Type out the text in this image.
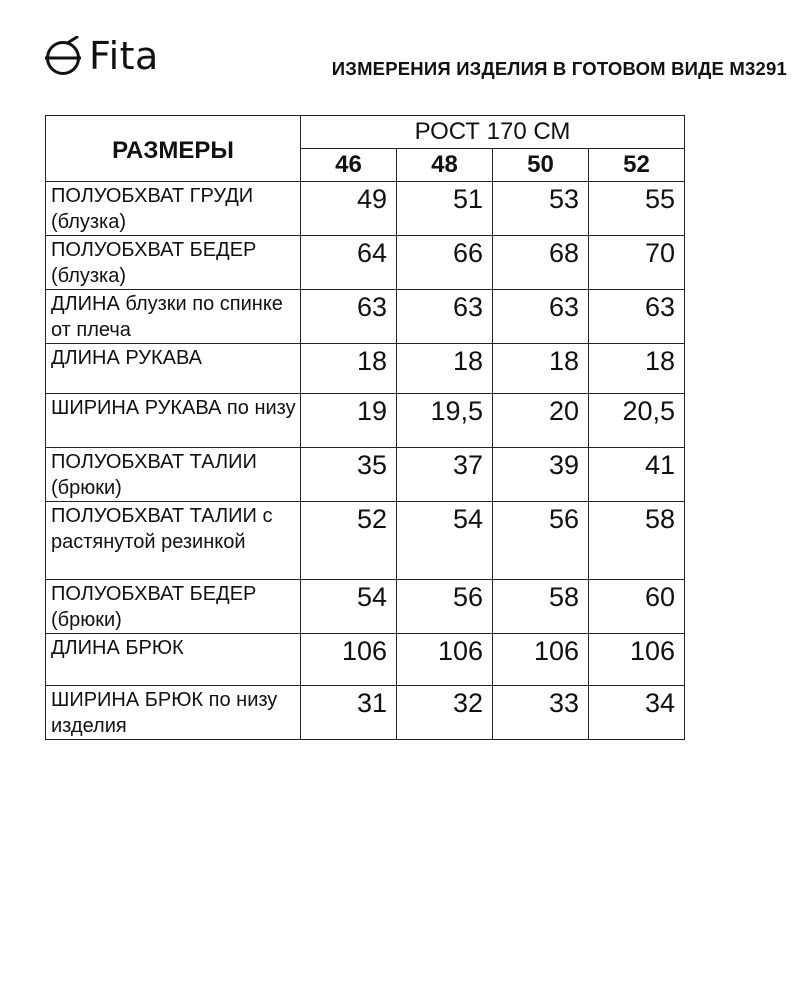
Fita	ИЗМЕРЕНИЯ ИЗДЕЛИЯ В ГОТОВОМ ВИДЕ M3291
РАЗМЕРЫ	РОСТ 170 СМ			
	46	48	50	52
ПОЛУОБХВАТ ГРУДИ (блузка)	49	51	53	55
ПОЛУОБХВАТ БЕДЕР (блузка)	64	66	68	70
ДЛИНА блузки по спинке от плеча	63	63	63	63
ДЛИНА РУКАВА	18	18	18	18
ШИРИНА РУКАВА по низу	19	19,5	20	20,5
ПОЛУОБХВАТ ТАЛИИ (брюки)	35	37	39	41
ПОЛУОБХВАТ ТАЛИИ с растянутой резинкой	52	54	56	58
ПОЛУОБХВАТ БЕДЕР (брюки)	54	56	58	60
ДЛИНА БРЮК	106	106	106	106
ШИРИНА БРЮК по низу изделия	31	32	33	34
